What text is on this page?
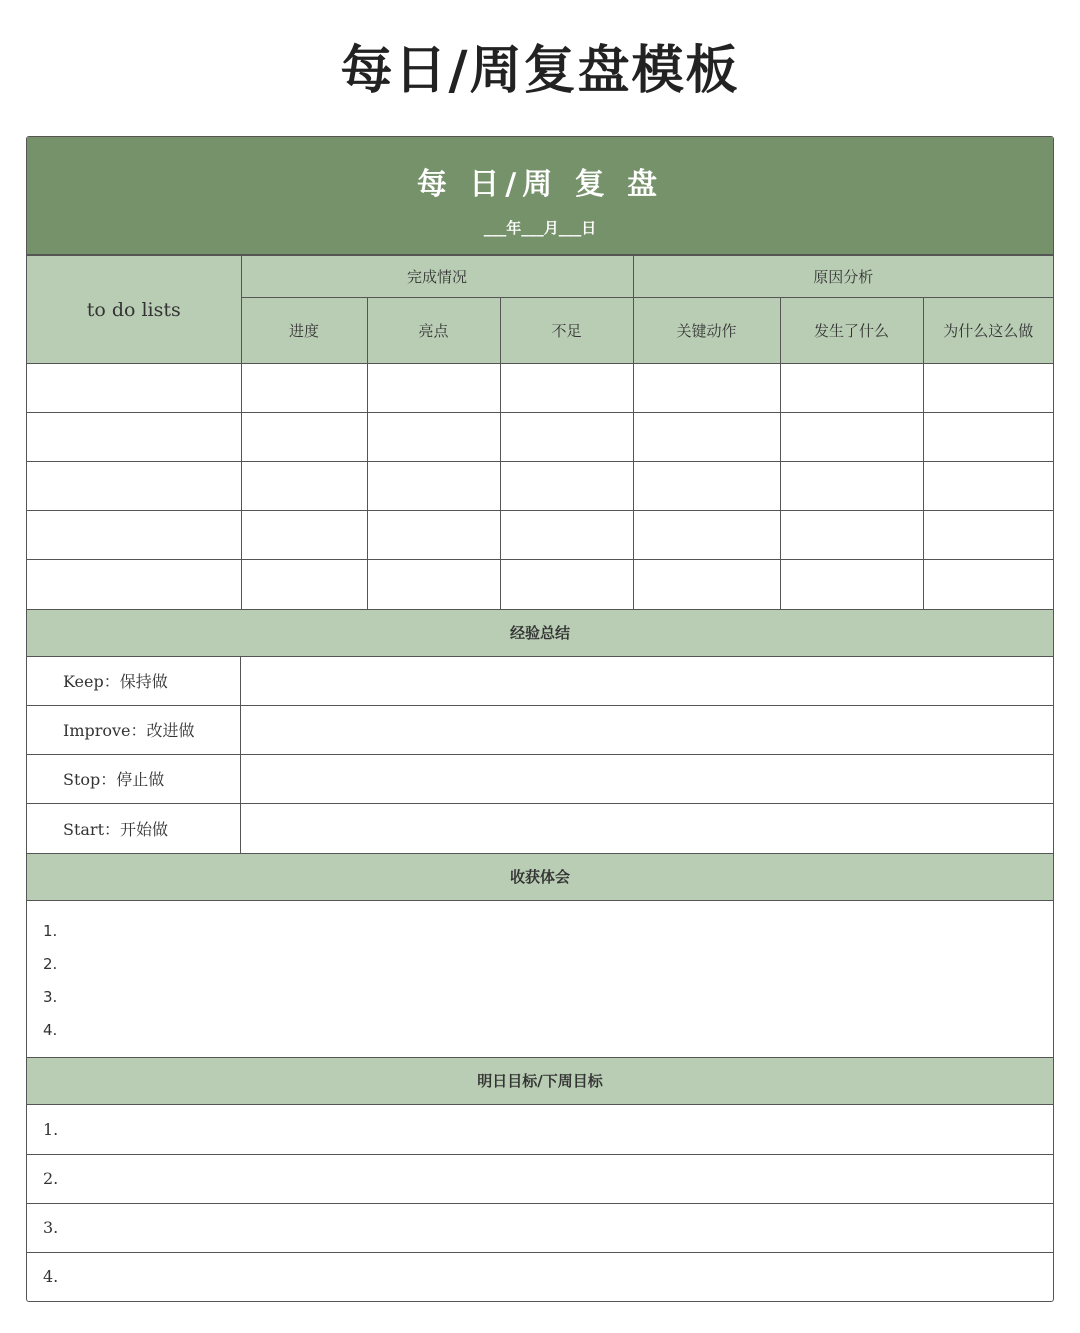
每日/周复盘模板
每 日/周 复 盘
___年___月___日
to do lists	完成情况			原因分析		
	进度	亮点	不足	关键动作	发生了什么	为什么这么做

经验总结
Keep：保持做
Improve：改进做
Stop：停止做
Start：开始做
收获体会
1.
2.
3.
4.
明日目标/下周目标
1.
2.
3.
4.
